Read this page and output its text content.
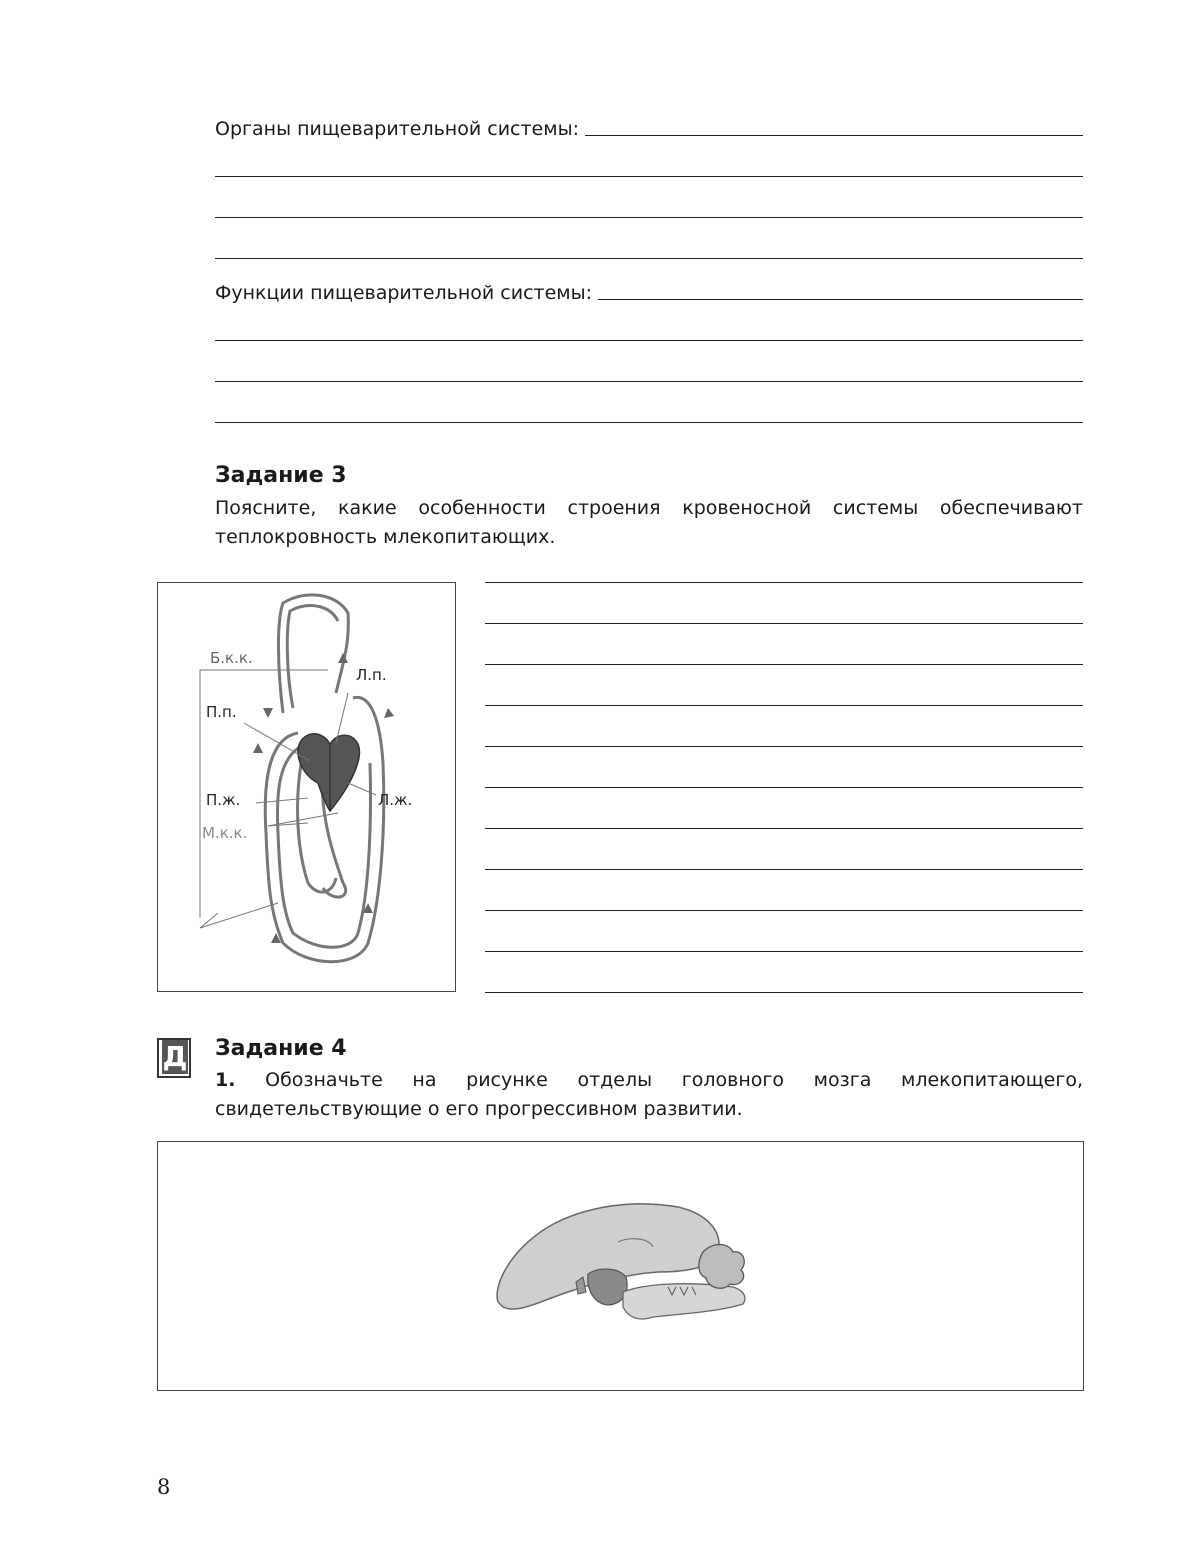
Органы пищеварительной системы:
Функции пищеварительной системы:
Задание 3
Поясните, какие особенности строения кровеносной системы обеспечивают теплокровность млекопитающих.
Б.к.к.
Л.п.
П.п.
П.ж.	Л.ж.
М.к.к.
Д Задание 4
1. Обозначьте на рисунке отделы головного мозга млекопитающего, свидетельствующие о его прогрессивном развитии.
8
